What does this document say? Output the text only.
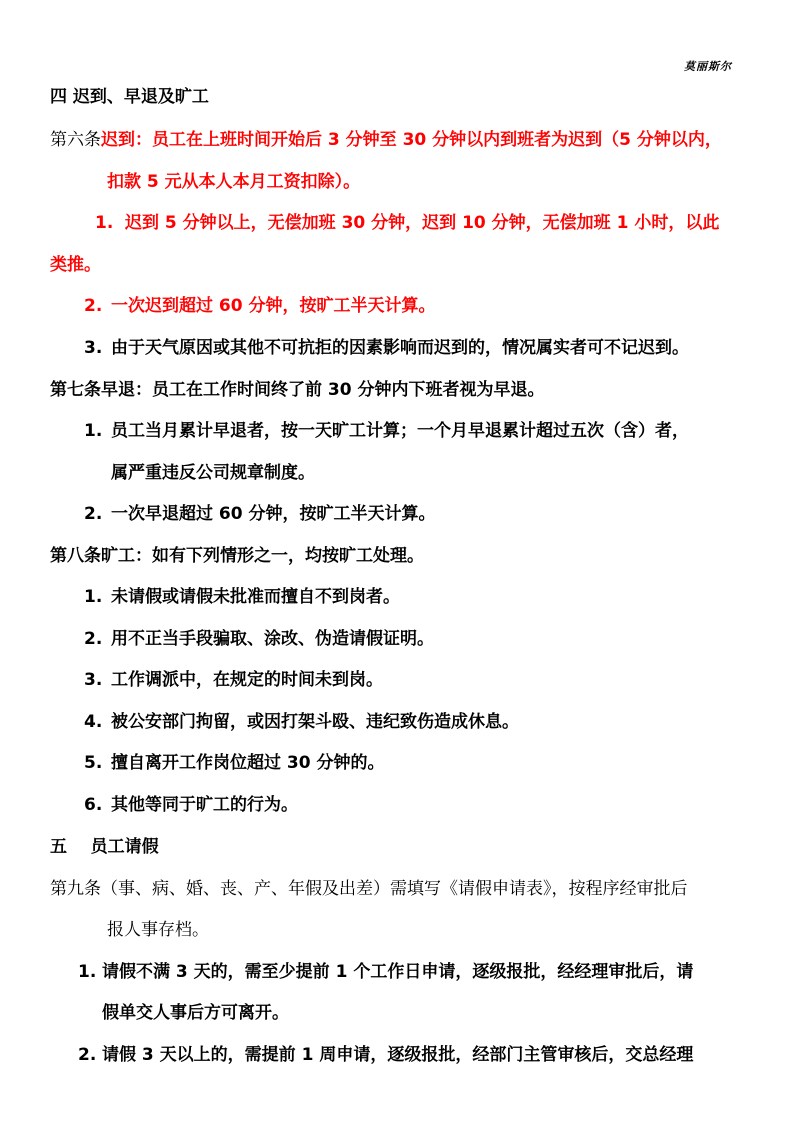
莫丽斯尔
四 迟到、早退及旷工
第六条迟到：员工在上班时间开始后 3 分钟至 30 分钟以内到班者为迟到（5 分钟以内，
扣款 5 元从本人本月工资扣除）。
1. 迟到 5 分钟以上，无偿加班 30 分钟，迟到 10 分钟，无偿加班 1 小时，以此
类推。
2. 一次迟到超过 60 分钟，按旷工半天计算。
3. 由于天气原因或其他不可抗拒的因素影响而迟到的，情况属实者可不记迟到。
第七条早退：员工在工作时间终了前 30 分钟内下班者视为早退。
1. 员工当月累计早退者，按一天旷工计算；一个月早退累计超过五次（含）者，
属严重违反公司规章制度。
2. 一次早退超过 60 分钟，按旷工半天计算。
第八条旷工：如有下列情形之一，均按旷工处理。
1. 未请假或请假未批准而擅自不到岗者。
2. 用不正当手段骗取、涂改、伪造请假证明。
3. 工作调派中，在规定的时间未到岗。
4. 被公安部门拘留，或因打架斗殴、违纪致伤造成休息。
5. 擅自离开工作岗位超过 30 分钟的。
6. 其他等同于旷工的行为。
五    员工请假
第九条（事、病、婚、丧、产、年假及出差）需填写《请假申请表》，按程序经审批后
报人事存档。
1. 请假不满 3 天的，需至少提前 1 个工作日申请，逐级报批，经经理审批后，请
假单交人事后方可离开。
2. 请假 3 天以上的，需提前 1 周申请，逐级报批，经部门主管审核后，交总经理
